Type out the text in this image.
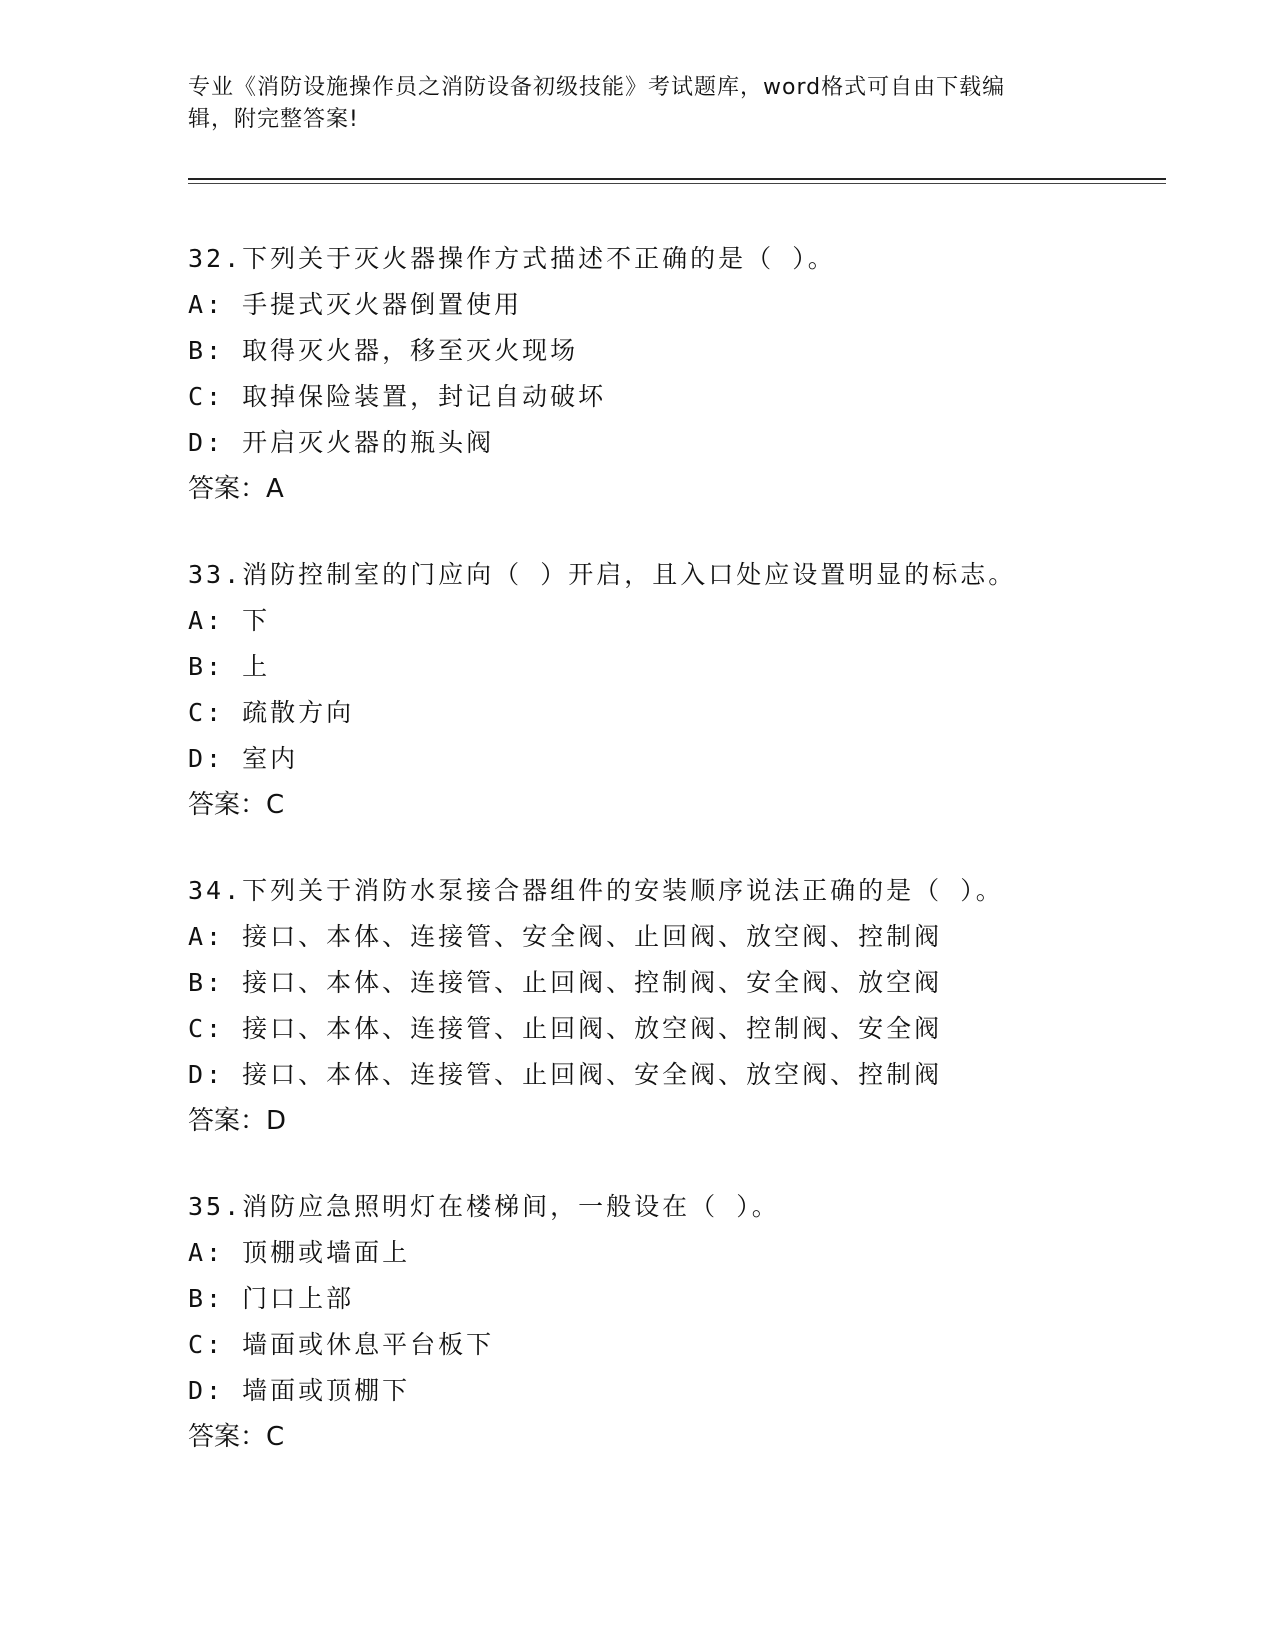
专业《消防设施操作员之消防设备初级技能》考试题库，word格式可自由下载编
辑，附完整答案!
32.下列关于灭火器操作方式描述不正确的是（ ）。
A: 手提式灭火器倒置使用
B: 取得灭火器，移至灭火现场
C: 取掉保险装置，封记自动破坏
D: 开启灭火器的瓶头阀
答案：A
33.消防控制室的门应向（ ）开启，且入口处应设置明显的标志。
A: 下
B: 上
C: 疏散方向
D: 室内
答案：C
34.下列关于消防水泵接合器组件的安装顺序说法正确的是（ ）。
A: 接口、本体、连接管、安全阀、止回阀、放空阀、控制阀
B: 接口、本体、连接管、止回阀、控制阀、安全阀、放空阀
C: 接口、本体、连接管、止回阀、放空阀、控制阀、安全阀
D: 接口、本体、连接管、止回阀、安全阀、放空阀、控制阀
答案：D
35.消防应急照明灯在楼梯间，一般设在（ ）。
A: 顶棚或墙面上
B: 门口上部
C: 墙面或休息平台板下
D: 墙面或顶棚下
答案：C
